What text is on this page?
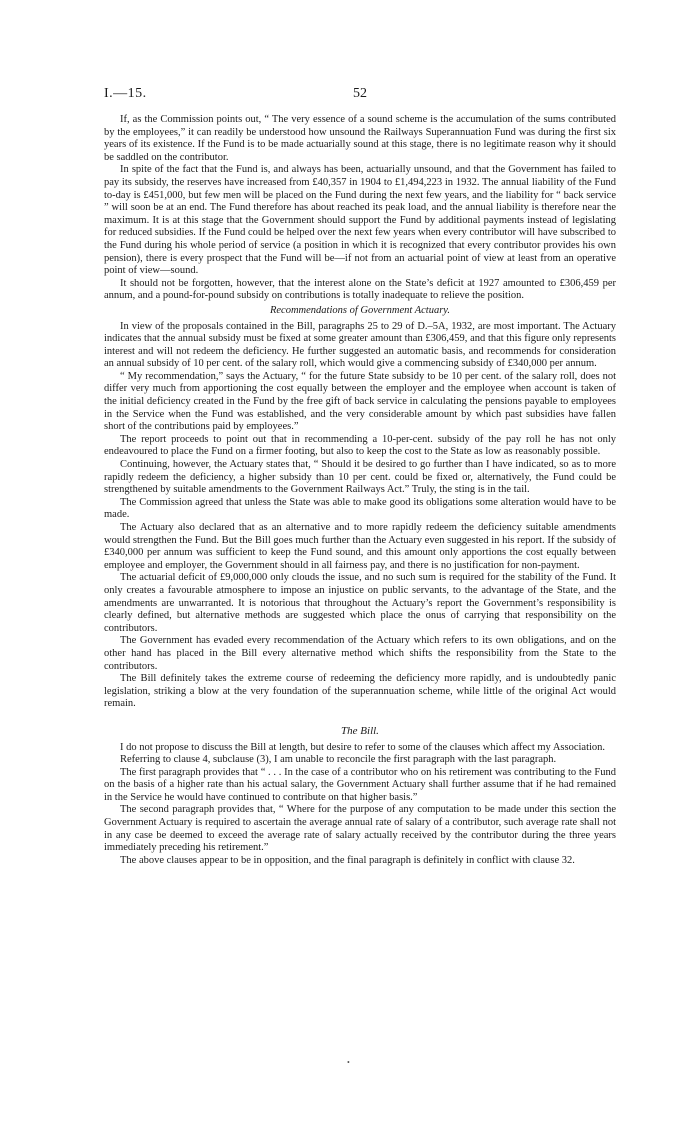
I.—15.	52

If, as the Commission points out, “ The very essence of a sound scheme is the accumulation of the sums contributed by the employees,” it can readily be understood how unsound the Railways Superannuation Fund was during the first six years of its existence. If the Fund is to be made actuarially sound at this stage, there is no legitimate reason why it should be saddled on the contributor.

In spite of the fact that the Fund is, and always has been, actuarially unsound, and that the Government has failed to pay its subsidy, the reserves have increased from £40,357 in 1904 to £1,494,223 in 1932. The annual liability of the Fund to-day is £451,000, but few men will be placed on the Fund during the next few years, and the liability for “ back service ” will soon be at an end. The Fund therefore has about reached its peak load, and the annual liability is therefore near the maximum. It is at this stage that the Government should support the Fund by additional payments instead of legislating for reduced subsidies. If the Fund could be helped over the next few years when every contributor will have subscribed to the Fund during his whole period of service (a position in which it is recognized that every contributor provides his own pension), there is every prospect that the Fund will be—if not from an actuarial point of view at least from an operative point of view—sound.

It should not be forgotten, however, that the interest alone on the State’s deficit at 1927 amounted to £306,459 per annum, and a pound-for-pound subsidy on contributions is totally inadequate to relieve the position.

Recommendations of Government Actuary.

In view of the proposals contained in the Bill, paragraphs 25 to 29 of D.–5A, 1932, are most important. The Actuary indicates that the annual subsidy must be fixed at some greater amount than £306,459, and that this figure only represents interest and will not redeem the deficiency. He further suggested an automatic basis, and recommends for consideration an annual subsidy of 10 per cent. of the salary roll, which would give a commencing subsidy of £340,000 per annum.

“ My recommendation,” says the Actuary, “ for the future State subsidy to be 10 per cent. of the salary roll, does not differ very much from apportioning the cost equally between the employer and the employee when account is taken of the initial deficiency created in the Fund by the free gift of back service in calculating the pensions payable to employees in the Service when the Fund was established, and the very considerable amount by which past subsidies have fallen short of the contributions paid by employees.”

The report proceeds to point out that in recommending a 10-per-cent. subsidy of the pay roll he has not only endeavoured to place the Fund on a firmer footing, but also to keep the cost to the State as low as reasonably possible.

Continuing, however, the Actuary states that, “ Should it be desired to go further than I have indicated, so as to more rapidly redeem the deficiency, a higher subsidy than 10 per cent. could be fixed or, alternatively, the Fund could be strengthened by suitable amendments to the Government Railways Act.” Truly, the sting is in the tail.

The Commission agreed that unless the State was able to make good its obligations some alteration would have to be made.

The Actuary also declared that as an alternative and to more rapidly redeem the deficiency suitable amendments would strengthen the Fund. But the Bill goes much further than the Actuary even suggested in his report. If the subsidy of £340,000 per annum was sufficient to keep the Fund sound, and this amount only apportions the cost equally between employee and employer, the Government should in all fairness pay, and there is no justification for non-payment.

The actuarial deficit of £9,000,000 only clouds the issue, and no such sum is required for the stability of the Fund. It only creates a favourable atmosphere to impose an injustice on public servants, to the advantage of the State, and the amendments are unwarranted. It is notorious that throughout the Actuary’s report the Government’s responsibility is clearly defined, but alternative methods are suggested which place the onus of carrying that responsibility on the contributors.

The Government has evaded every recommendation of the Actuary which refers to its own obligations, and on the other hand has placed in the Bill every alternative method which shifts the responsibility from the State to the contributors.

The Bill definitely takes the extreme course of redeeming the deficiency more rapidly, and is undoubtedly panic legislation, striking a blow at the very foundation of the superannuation scheme, while little of the original Act would remain.

The Bill.

I do not propose to discuss the Bill at length, but desire to refer to some of the clauses which affect my Association.

Referring to clause 4, subclause (3), I am unable to reconcile the first paragraph with the last paragraph.

The first paragraph provides that “ . . . In the case of a contributor who on his retirement was contributing to the Fund on the basis of a higher rate than his actual salary, the Government Actuary shall further assume that if he had remained in the Service he would have continued to contribute on that higher basis.”

The second paragraph provides that, “ Where for the purpose of any computation to be made under this section the Government Actuary is required to ascertain the average annual rate of salary of a contributor, such average rate shall not in any case be deemed to exceed the average rate of salary actually received by the contributor during the three years immediately preceding his retirement.”

The above clauses appear to be in opposition, and the final paragraph is definitely in conflict with clause 32.

•
